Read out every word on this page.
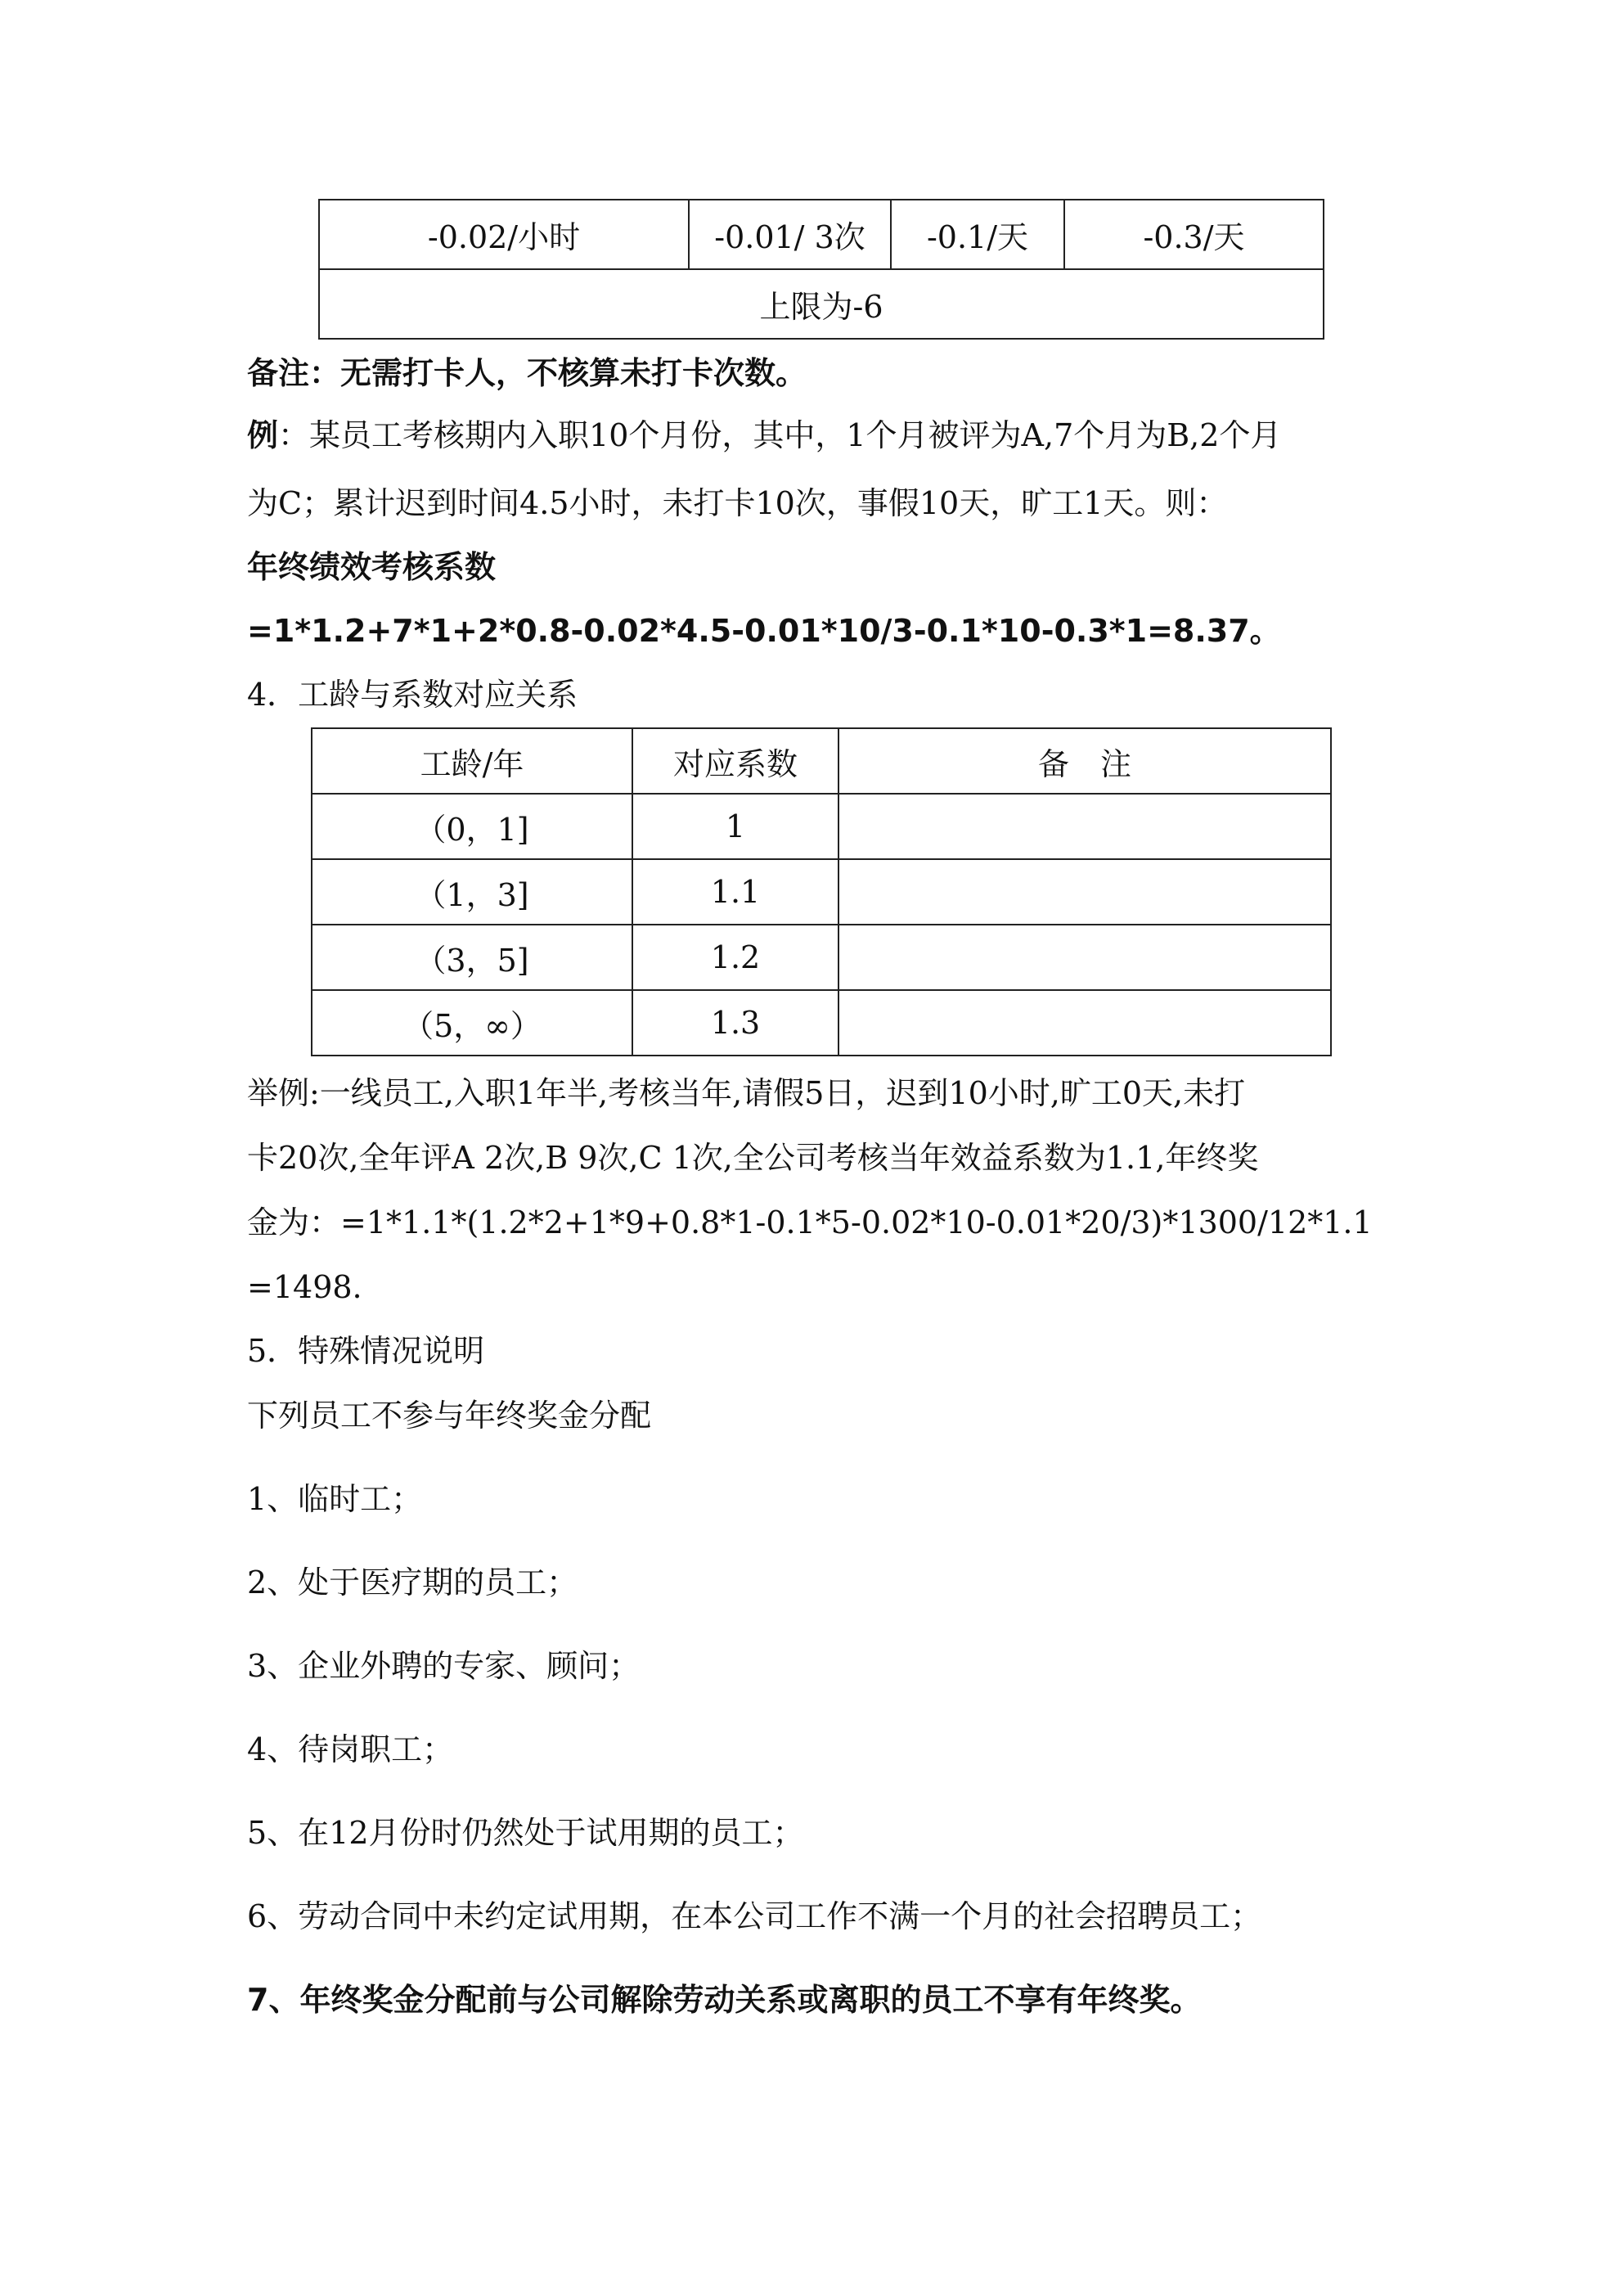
-0.02/小时	-0.01/ 3次	-0.1/天	-0.3/天
上限为-6
备注：无需打卡人，不核算未打卡次数。
例：某员工考核期内入职10个月份，其中，1个月被评为A,7个月为B,2个月
为C；累计迟到时间4.5小时，未打卡10次，事假10天，旷工1天。则：
年终绩效考核系数
=1*1.2+7*1+2*0.8-0.02*4.5-0.01*10/3-0.1*10-0.3*1=8.37。
4．工龄与系数对应关系
工龄/年	对应系数	备　注
（0，1]	1	
（1，3]	1.1	
（3，5]	1.2	
（5，∞）	1.3	
举例:一线员工,入职1年半,考核当年,请假5日，迟到10小时,旷工0天,未打
卡20次,全年评A 2次,B 9次,C 1次,全公司考核当年效益系数为1.1,年终奖
金为：=1*1.1*(1.2*2+1*9+0.8*1-0.1*5-0.02*10-0.01*20/3)*1300/12*1.1
=1498.
5．特殊情况说明
下列员工不参与年终奖金分配
1、临时工；
2、处于医疗期的员工；
3、企业外聘的专家、顾问；
4、待岗职工；
5、在12月份时仍然处于试用期的员工；
6、劳动合同中未约定试用期，在本公司工作不满一个月的社会招聘员工；
7、年终奖金分配前与公司解除劳动关系或离职的员工不享有年终奖。
